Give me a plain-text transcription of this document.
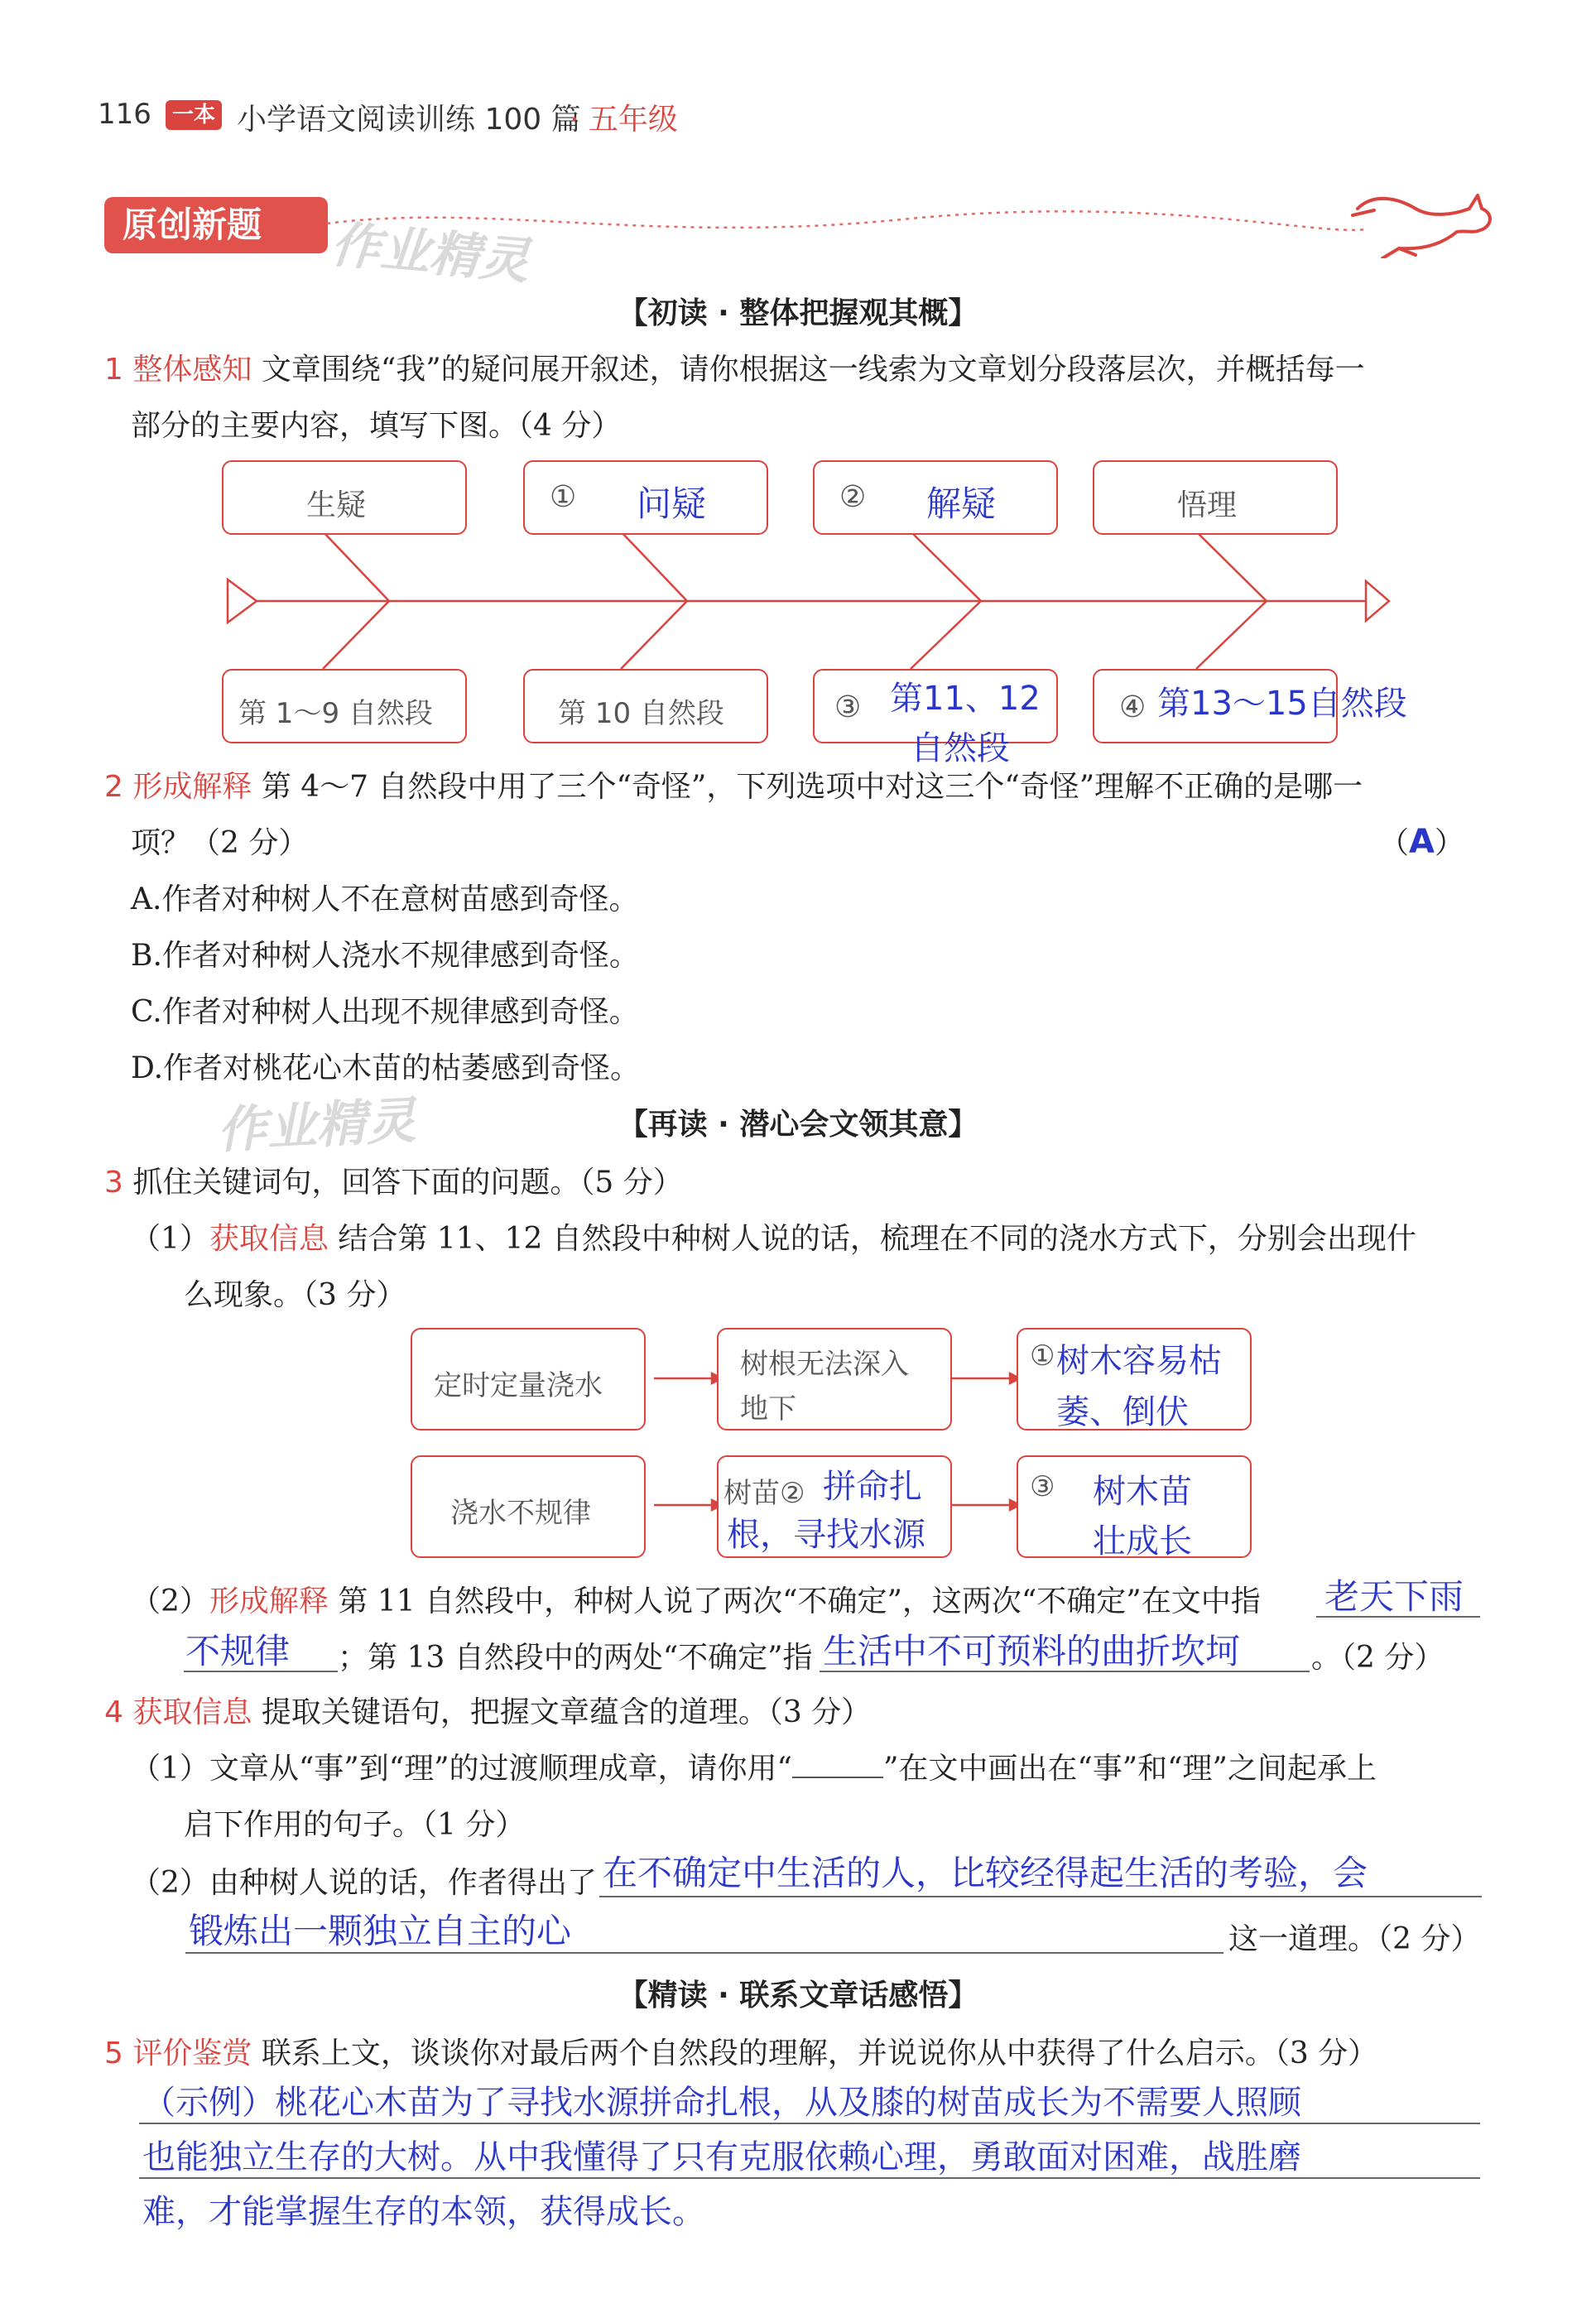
116 一本 小学语文阅读训练 100 篇
· 五年级
原创新题	作业精灵
【初读 · 整体把握观其概】
1 整体感知 文章围绕“我”的疑问展开叙述，请你根据这一线索为文章划分段落层次，并概括每一
部分的主要内容，填写下图。（4 分）
生疑	① 问疑	② 解疑	悟理
第 1～9 自然段	第 10 自然段	③ 第11、12
自然段
④ 第13～15自然段
2 形成解释 第 4～7 自然段中用了三个“奇怪”，下列选项中对这三个“奇怪”理解不正确的是哪一
项？（2 分）	（A）
A.作者对种树人不在意树苗感到奇怪。
B.作者对种树人浇水不规律感到奇怪。
C.作者对种树人出现不规律感到奇怪。
D.作者对桃花心木苗的枯萎感到奇怪。
作业精灵	【再读 · 潜心会文领其意】
3 抓住关键词句，回答下面的问题。（5 分）
（1）获取信息 结合第 11、12 自然段中种树人说的话，梳理在不同的浇水方式下，分别会出现什
么现象。（3 分）
定时定量浇水
树根无法深入
地下
① 树木容易枯
萎、倒伏
浇水不规律
树苗② 拼命扎
根，寻找水源
③ 树木苗
壮成长
（2）形成解释 第 11 自然段中，种树人说了两次“不确定”，这两次“不确定”在文中指 老天下雨
不规律 ；第 13 自然段中的两处“不确定”指 生活中不可预料的曲折坎坷 。（2 分）
4 获取信息 提取关键语句，把握文章蕴含的道理。（3 分）
（1）文章从“事”到“理”的过渡顺理成章，请你用“	”在文中画出在“事”和“理”之间起承上
启下作用的句子。（1 分）
（2）由种树人说的话，作者得出了 在不确定中生活的人，比较经得起生活的考验，会
锻炼出一颗独立自主的心	这一道理。（2 分）
【精读 · 联系文章话感悟】
5 评价鉴赏 联系上文，谈谈你对最后两个自然段的理解，并说说你从中获得了什么启示。（3 分）
（示例）桃花心木苗为了寻找水源拼命扎根，从及膝的树苗成长为不需要人照顾
也能独立生存的大树。从中我懂得了只有克服依赖心理，勇敢面对困难，战胜磨
难，才能掌握生存的本领，获得成长。
